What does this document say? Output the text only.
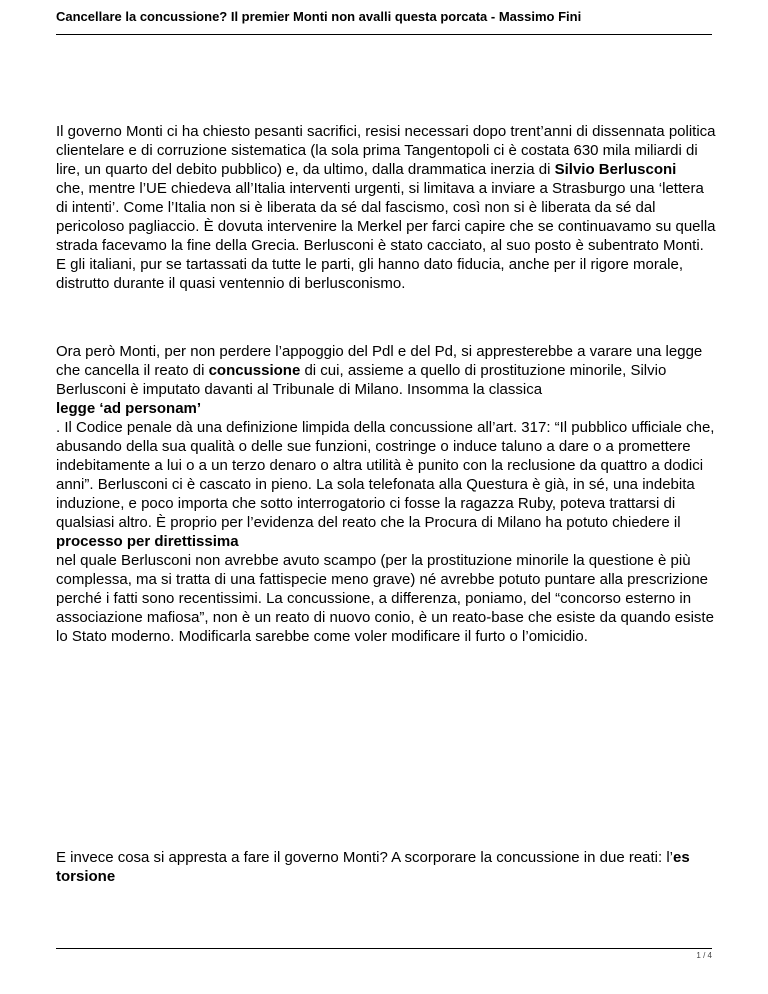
Cancellare la concussione? Il premier Monti non avalli questa porcata - Massimo Fini

Il governo Monti ci ha chiesto pesanti sacrifici, resisi necessari dopo trent’anni di dissennata politica clientelare e di corruzione sistematica (la sola prima Tangentopoli ci è costata 630 mila miliardi di lire, un quarto del debito pubblico) e, da ultimo, dalla drammatica inerzia di Silvio Berlusconi
che, mentre l’UE chiedeva all’Italia interventi urgenti, si limitava a inviare a Strasburgo una ‘lettera di intenti’. Come l’Italia non si è liberata da sé dal fascismo, così non si è liberata da sé dal pericoloso pagliaccio. È dovuta intervenire la Merkel per farci capire che se continuavamo su quella strada facevamo la fine della Grecia. Berlusconi è stato cacciato, al suo posto è subentrato Monti. E gli italiani, pur se tartassati da tutte le parti, gli hanno dato fiducia, anche per il rigore morale, distrutto durante il quasi ventennio di berlusconismo.

Ora però Monti, per non perdere l’appoggio del Pdl e del Pd, si appresterebbe a varare una legge che cancella il reato di concussione di cui, assieme a quello di prostituzione minorile, Silvio Berlusconi è imputato davanti al Tribunale di Milano. Insomma la classica
legge ‘ad personam’
. Il Codice penale dà una definizione limpida della concussione all’art. 317: “Il pubblico ufficiale che, abusando della sua qualità o delle sue funzioni, costringe o induce taluno a dare o a promettere indebitamente a lui o a un terzo denaro o altra utilità è punito con la reclusione da quattro a dodici anni”. Berlusconi ci è cascato in pieno. La sola telefonata alla Questura è già, in sé, una indebita induzione, e poco importa che sotto interrogatorio ci fosse la ragazza Ruby, poteva trattarsi di qualsiasi altro. È proprio per l’evidenza del reato che la Procura di Milano ha potuto chiedere il
processo per direttissima
nel quale Berlusconi non avrebbe avuto scampo (per la prostituzione minorile la questione è più complessa, ma si tratta di una fattispecie meno grave) né avrebbe potuto puntare alla prescrizione perché i fatti sono recentissimi. La concussione, a differenza, poniamo, del “concorso esterno in associazione mafiosa”, non è un reato di nuovo conio, è un reato-base che esiste da quando esiste lo Stato moderno. Modificarla sarebbe come voler modificare il furto o l’omicidio.

E invece cosa si appresta a fare il governo Monti? A scorporare la concussione in due reati: l’es torsione

1 / 4
